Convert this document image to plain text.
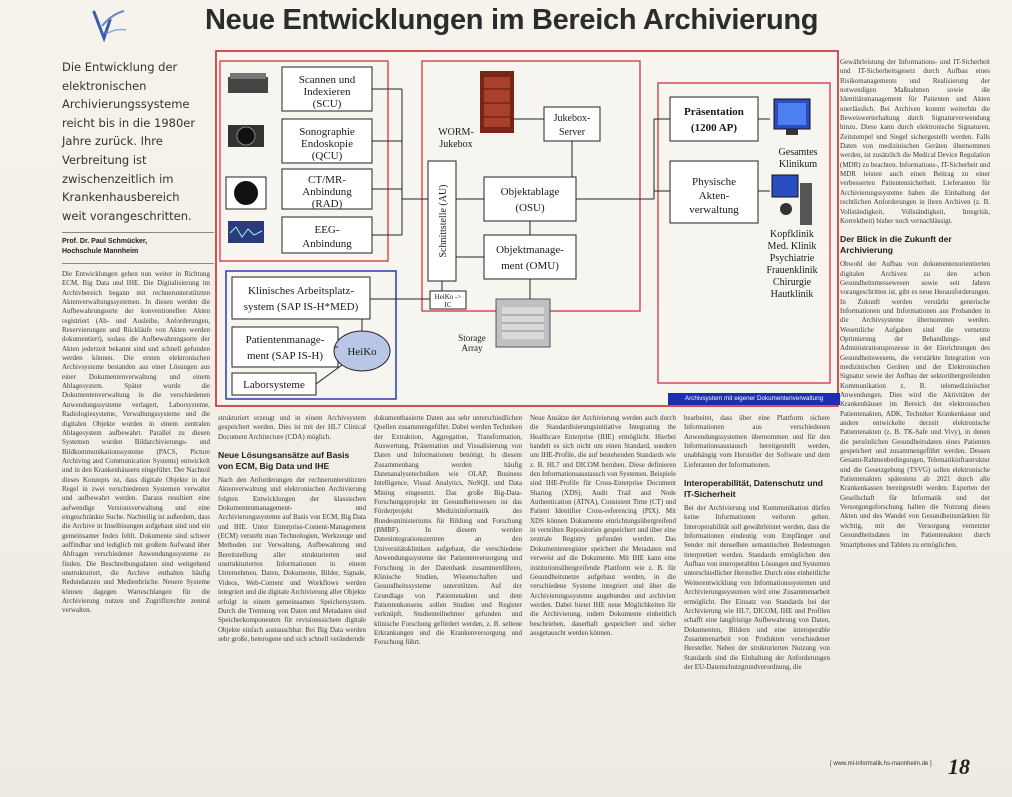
Neue Entwicklungen im Bereich Archivierung
Die Entwicklung der elektronischen Archivierungssysteme reicht bis in die 1980er Jahre zurück. Ihre Verbreitung ist zwischenzeitlich im Krankenhausbereich weit vorangeschritten.
Prof. Dr. Paul Schmücker,
Hochschule Mannheim
Scannen und
Indexieren
(SCU)
Sonographie
Endoskopie
(QCU)
CT/MR-
Anbindung
(RAD)
EEG-
Anbindung
WORM-
Jukebox
Jukebox-
Server
Schnittstelle (AU)	Objektablage
(OSU)
Objektmanage-
ment (OMU)
HeiKo ->
IC
Storage
Array
Klinisches Arbeitsplatz-
system (SAP IS-H*MED)
Patientenmanage-
ment (SAP IS-H)
Laborsysteme
HeiKo
Präsentation
(1200 AP)
Physische
Akten-
verwaltung
Gesamtes
Klinikum
Kopfklinik
Med. Klinik
Psychiatrie
Frauenklinik
Chirurgie
Hautklinik
Archivsystem mit eigener Dokumentenverwaltung

Die Entwicklungen gehen nun weiter in Richtung ECM, Big Data und IHE. Die Digitalisierung im Archivbereich begann mit rechnerunterstützten Aktenverwaltungssystemen. In diesen werden die Aufbewahrungsorte der konventionellen Akten registriert (Ab- und Ausleihe, Anforderungen, Reservierungen und Rückläufe von Akten werden dokumentiert), sodass die Aufbewahrungsorte der Akten jederzeit bekannt sind und schnell gefunden werden können. Die ersten elektronischen Archivsysteme bestanden aus einer Lösungen aus einer Dokumentenverwaltung und einem Ablagesystem. Später wurde die Dokumentenverwaltung in die verschiedenen Anwendungssysteme verlagert, Laborsysteme, Radiologiesysteme, Verwaltungssysteme und die digitalen Objekte wurden in einem zentralen Ablagesystem aufbewahrt. Parallel zu diesen Systemen wurden Bildarchivierungs- und Bildkommunikationssysteme (PACS, Picture Archiving and Communication Systems) entwickelt und in den Krankenhäusern eingeführt. Der Nachteil dieses Konzepts ist, dass digitale Objekte in der Regel in zwei verschiedenen Systemen verwaltet und aufbewahrt werden. Daraus resultiert eine aufwendige Versionsverwaltung und eine eingeschränkte Suche. Nachteilig ist außerdem, dass die Archive in Insellösungen aufgebaut sind und ein gemeinsamer Index fehlt. Dokumente sind schwer auffindbar und lediglich mit großem Aufwand über Abfragen verschiedener Anwendungssysteme zu finden. Die Beschreibungsdaten sind weitgehend unstrukturiert, die Archive enthalten häufig Redundanzen und Medienbrüche. Neuere Systeme können dagegen Warteschlangen für die Archivierung nutzen und Zugriffsrechte zentral verwalten.

strukturiert erzeugt und in einem Archivsystem gespeichert werden. Dies ist mit der HL7 Clinical Document Architecture (CDA) möglich.

Neue Lösungsansätze auf Basis von ECM, Big Data und IHE

Nach den Anforderungen der rechnerunterstützten Aktenverwaltung und elektronischen Archivierung folgten Entwicklungen der klassischen Dokumentenmanagement- und Archivierungssysteme auf Basis von ECM, Big Data und IHE. Unter Enterprise-Content-Management (ECM) versteht man Technologien, Werkzeuge und Methoden zur Verwaltung, Aufbewahrung und Bereitstellung aller strukturierten und unstrukturierten Informationen in einem Unternehmen. Daten, Dokumente, Bilder, Signale, Videos, Web-Content und Workflows werden integriert und die digitale Archivierung aller Objekte erfolgt in einem gemeinsamen Speichersystem. Durch die Trennung von Daten und Metadaten sind Speicherkomponenten für revisionssichere digitale Objekte einfach austauschbar. Bei Big Data werden sehr große, heterogene und sich schnell verändernde

dokumentbasierte Daten aus sehr unterschiedlichen Quellen zusammengeführt. Dabei werden Techniken der Extraktion, Aggregation, Transformation, Auswertung, Präsentation und Visualisierung von Daten und Informationen benötigt. In diesem Zusammenhang werden häufig Datenanalysetechniken wie OLAP, Business Intelligence, Visual Analytics, NoSQL und Data Mining eingesetzt. Das große Big-Data-Forschungsprojekt im Gesundheitswesen ist das Förderprojekt Medizininformatik des Bundesministeriums für Bildung und Forschung (BMBF). In diesem werden Datenintegrationszentren an den Universitätskliniken aufgebaut, die verschiedene Anwendungssysteme der Patientenversorgung und Forschung in der Datenbank zusammenführen, Klinische Studien, Wissenschaften und Gesundheitssysteme unterstützen. Auf der Grundlage von Patientenakten und dem Patientenkonsens sollen Studien und Register verknüpft, Studienteilnehmer gefunden und klinische Forschung gefördert werden, z. B. seltene Erkrankungen und die Krankenversorgung und Forschung führt.

Neue Ansätze der Archivierung werden auch durch die Standardisierungsinitiative Integrating the Healthcare Enterprise (IHE) ermöglicht. Hierbei handelt es sich nicht um einen Standard, sondern um IHE-Profile, die auf bestehenden Standards wie z. B. HL7 und DICOM beruhen. Diese definieren den Informationsaustausch von Systemen. Beispiele sind IHE-Profile für Cross-Enterprise Document Sharing (XDS), Audit Trail and Node Authentication (ATNA), Consistent Time (CT) und Patient Identifier Cross-referencing (PIX). Mit XDS können Dokumente einrichtungsübergreifend in verteilten Repositorien gespeichert und über eine zentrale Registry gefunden werden. Das Dokumentenregister speichert die Metadaten und verweist auf die Dokumente. Mit IHE kann eine institutionsübergreifende Plattform wie z. B. für Gesundheitsnetze aufgebaut werden, in die verschiedene Systeme integriert und über die Archivierungssysteme angebunden und archiviert werden. Dabei bietet IHE neue Möglichkeiten für die Archivierung, indem Dokumente einheitlich beschrieben, dauerhaft gespeichert und sicher ausgetauscht werden können.

bearbeitet, dass über eine Plattform sichere Informationen aus verschiedenen Anwendungssystemen übernommen und für den Informationsaustausch bereitgestellt werden, unabhängig vom Hersteller der Software und dem Lieferanten der Informationen.

Interoperabilität, Datenschutz und IT-Sicherheit

Bei der Archivierung und Kommunikation dürfen keine Informationen verloren gehen. Interoperabilität soll gewährleistet werden, dass die Informationen eindeutig vom Empfänger und Sender mit denselben semantischen Bedeutungen interpretiert werden. Standards ermöglichen den Aufbau von interoperablen Lösungen und Systemen unterschiedlicher Hersteller. Durch eine einheitliche Weiterentwicklung von Informationssystemen und Archivierungssystemen wird eine Zusammenarbeit ermöglicht. Der Einsatz von Standards bei der Archivierung wie HL7, DICOM, IHE und Profilen schafft eine langfristige Aufbewahrung von Daten, Dokumenten, Bildern und eine interoperable Zusammenarbeit von Produkten verschiedener Hersteller. Neben der strukturierten Nutzung von Standards sind die Einhaltung der Anforderungen der EU-Datenschutzgrundverordnung, die

Gewährleistung der Informations- und IT-Sicherheit und IT-Sicherheitsgesetz durch Aufbau eines Risikomanagements und Realisierung der notwendigen Maßnahmen sowie die Identitätsmanagement für Patienten und Akten unerlässlich. Bei Archiven kommt weiterhin die Beweiswerterhaltung durch Signaturverwendung hinzu. Diese kann durch elektronische Signaturen, Zeitstempel und Siegel sichergestellt werden. Falls Daten von medizinischen Geräten übernommen werden, ist zusätzlich die Medical Device Regulation (MDR) zu beachten. Informations-, IT-Sicherheit und MDR leisten auch einen Beitrag zu einer verbesserten Patientensicherheit. Lieferanten für Archivierungssysteme haben die Einhaltung der rechtlichen Anforderungen in ihren Archiven (z. B. Vollständigkeit, Vollständigkeit, Integrität, Korrektheit) bisher noch vernachlässigt.

Der Blick in die Zukunft der Archivierung

Obwohl der Aufbau von dokumentenorientierten digitalen Archiven zu den schon Gesundheitsmessewesen sowie seit Jahren vorangeschritten ist, gibt es neue Herausforderungen. In Zukunft werden verstärkt generische Informationen und Informationen aus Probanden in die Archivsysteme übernommen werden. Wesentliche Aufgaben sind die vernetzte Optimierung der Behandlungs- und Administrationsprozesse in der Einrichtungen des Gesundheitswesens, die verstärkte Integration von medizinischen Geräten und der Elektronischen Signatur sowie der Aufbau der sektorübergreifenden Kommunikation z. B. telemedizinischer Anwendungen. Dies wird die Aktivitäten der Krankenhäuser im Bereich der elektronischen Patientenakten, ADK, Techniker Krankenkasse und andere entwickelte derzeit elektronische Patientenakten (z. B. TK-Safe und Vivy), in denen die persönlichen Gesundheitsdaten eines Patienten gespeichert und zusammengeführt werden. Dessen Gesamt-Rahmenbedingungen, Telematikinfrastruktur und die Gesetzgebung (TSVG) sollen elektronische Patientenakten spätestens ab 2021 durch alle Krankenkassen bereitgestellt werden. Experten der Gesellschaft für Informatik und der Versorgungsforschung halten die Nutzung dieses Akten und des Wandel von Gesundheitsmärkten für wichtig, mit der Versorgung vernetzter Gesundheitsdaten im Patientenakten durch Smartphones und Tablets zu ermöglichen.

[ www.ml-informatik.hs-mannheim.de ] 18
